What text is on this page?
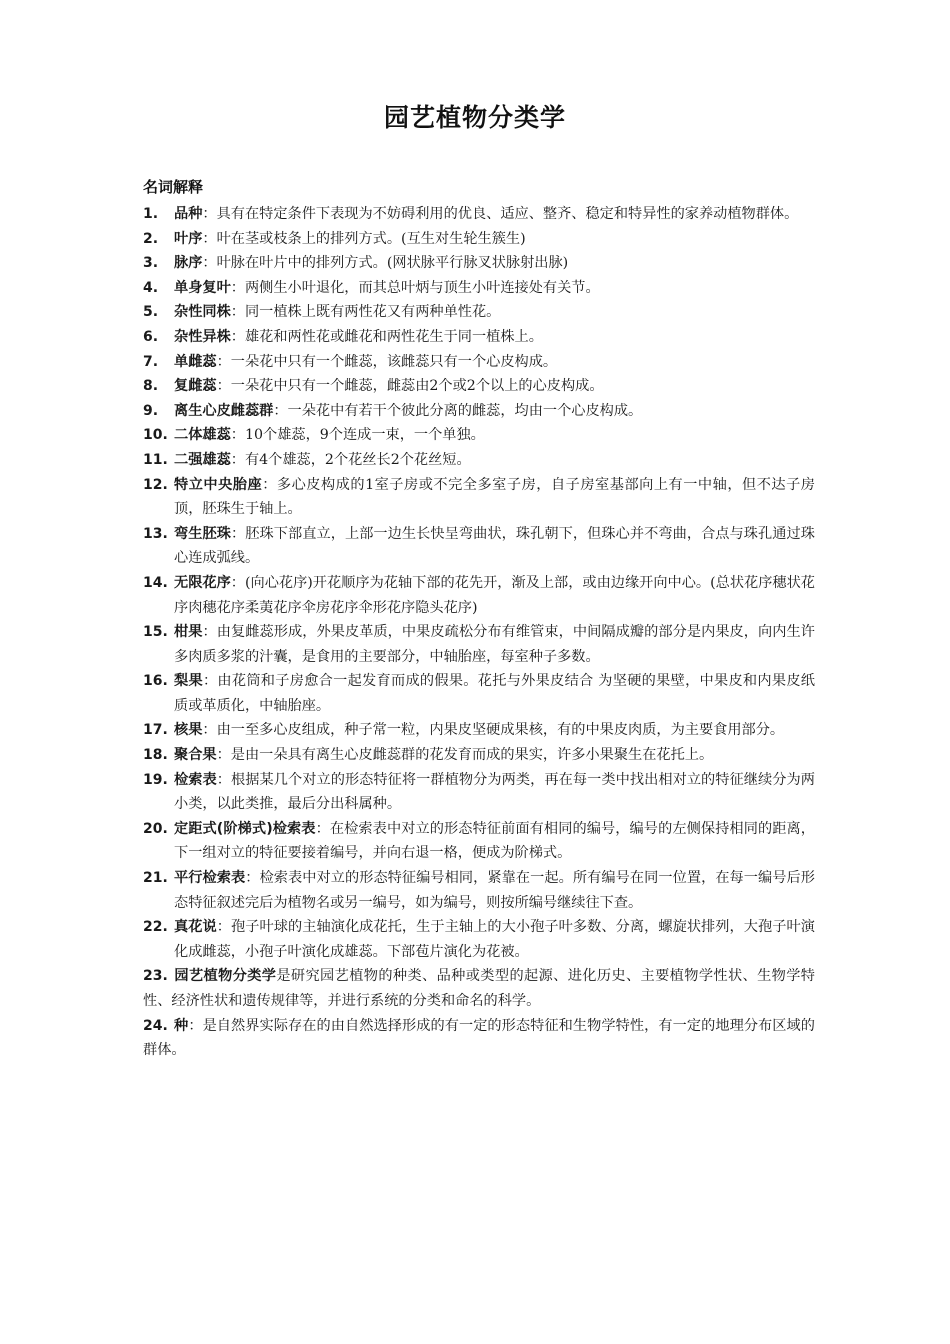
园艺植物分类学
名词解释
1. 品种：具有在特定条件下表现为不妨碍利用的优良、适应、整齐、稳定和特异性的家养动植物群体。
2. 叶序：叶在茎或枝条上的排列方式。(互生对生轮生簇生)
3. 脉序：叶脉在叶片中的排列方式。(网状脉平行脉叉状脉射出脉)
4. 单身复叶：两侧生小叶退化，而其总叶炳与顶生小叶连接处有关节。
5. 杂性同株：同一植株上既有两性花又有两种单性花。
6. 杂性异株：雄花和两性花或雌花和两性花生于同一植株上。
7. 单雌蕊：一朵花中只有一个雌蕊，该雌蕊只有一个心皮构成。
8. 复雌蕊：一朵花中只有一个雌蕊，雌蕊由2个或2个以上的心皮构成。
9. 离生心皮雌蕊群：一朵花中有若干个彼此分离的雌蕊，均由一个心皮构成。
10. 二体雄蕊：10个雄蕊，9个连成一束，一个单独。
11. 二强雄蕊：有4个雄蕊，2个花丝长2个花丝短。
12. 特立中央胎座：多心皮构成的1室子房或不完全多室子房，自子房室基部向上有一中轴，但不达子房顶，胚珠生于轴上。
13. 弯生胚珠：胚珠下部直立，上部一边生长快呈弯曲状，珠孔朝下，但珠心并不弯曲，合点与珠孔通过珠心连成弧线。
14. 无限花序：(向心花序)开花顺序为花轴下部的花先开，渐及上部，或由边缘开向中心。(总状花序穗状花序肉穗花序柔荑花序伞房花序伞形花序隐头花序)
15. 柑果：由复雌蕊形成，外果皮革质，中果皮疏松分布有维管束，中间隔成瓣的部分是内果皮，向内生许多肉质多浆的汁囊，是食用的主要部分，中轴胎座，每室种子多数。
16. 梨果：由花筒和子房愈合一起发育而成的假果。花托与外果皮结合 为坚硬的果壁，中果皮和内果皮纸质或革质化，中轴胎座。
17. 核果：由一至多心皮组成，种子常一粒，内果皮坚硬成果核，有的中果皮肉质，为主要食用部分。
18. 聚合果：是由一朵具有离生心皮雌蕊群的花发育而成的果实，许多小果聚生在花托上。
19. 检索表：根据某几个对立的形态特征将一群植物分为两类，再在每一类中找出相对立的特征继续分为两小类，以此类推，最后分出科属种。
20. 定距式(阶梯式)检索表：在检索表中对立的形态特征前面有相同的编号，编号的左侧保持相同的距离，下一组对立的特征要接着编号，并向右退一格，便成为阶梯式。
21. 平行检索表：检索表中对立的形态特征编号相同，紧靠在一起。所有编号在同一位置，在每一编号后形态特征叙述完后为植物名或另一编号，如为编号，则按所编号继续往下查。
22. 真花说：孢子叶球的主轴演化成花托，生于主轴上的大小孢子叶多数、分离，螺旋状排列，大孢子叶演化成雌蕊，小孢子叶演化成雄蕊。下部苞片演化为花被。
23. 园艺植物分类学是研究园艺植物的种类、品种或类型的起源、进化历史、主要植物学性状、生物学特性、经济性状和遗传规律等，并进行系统的分类和命名的科学。
24. 种：是自然界实际存在的由自然选择形成的有一定的形态特征和生物学特性，有一定的地理分布区域的群体。
